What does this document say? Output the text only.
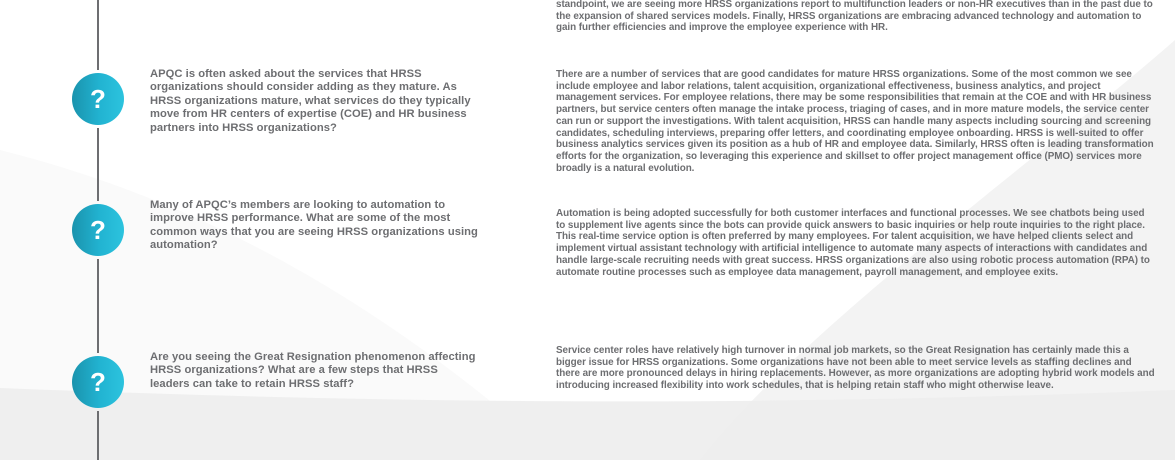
standpoint, we are seeing more HRSS organizations report to multifunction leaders or non-HR executives than in the past due to the expansion of shared services models. Finally, HRSS organizations are embracing advanced technology and automation to gain further efficiencies and improve the employee experience with HR.
?
APQC is often asked about the services that HRSS organizations should consider adding as they mature. As HRSS organizations mature, what services do they typically move from HR centers of expertise (COE) and HR business partners into HRSS organizations?
There are a number of services that are good candidates for mature HRSS organizations. Some of the most common we see include employee and labor relations, talent acquisition, organizational effectiveness, business analytics, and project management services. For employee relations, there may be some responsibilities that remain at the COE and with HR business partners, but service centers often manage the intake process, triaging of cases, and in more mature models, the service center can run or support the investigations. With talent acquisition, HRSS can handle many aspects including sourcing and screening candidates, scheduling interviews, preparing offer letters, and coordinating employee onboarding. HRSS is well-suited to offer business analytics services given its position as a hub of HR and employee data. Similarly, HRSS often is leading transformation efforts for the organization, so leveraging this experience and skillset to offer project management office (PMO) services more broadly is a natural evolution.
?
Many of APQC’s members are looking to automation to improve HRSS performance. What are some of the most common ways that you are seeing HRSS organizations using automation?
Automation is being adopted successfully for both customer interfaces and functional processes. We see chatbots being used to supplement live agents since the bots can provide quick answers to basic inquiries or help route inquiries to the right place. This real-time service option is often preferred by many employees. For talent acquisition, we have helped clients select and implement virtual assistant technology with artificial intelligence to automate many aspects of interactions with candidates and handle large-scale recruiting needs with great success. HRSS organizations are also using robotic process automation (RPA) to automate routine processes such as employee data management, payroll management, and employee exits.
?
Are you seeing the Great Resignation phenomenon affecting HRSS organizations? What are a few steps that HRSS leaders can take to retain HRSS staff?
Service center roles have relatively high turnover in normal job markets, so the Great Resignation has certainly made this a bigger issue for HRSS organizations. Some organizations have not been able to meet service levels as staffing declines and there are more pronounced delays in hiring replacements. However, as more organizations are adopting hybrid work models and introducing increased flexibility into work schedules, that is helping retain staff who might otherwise leave.
